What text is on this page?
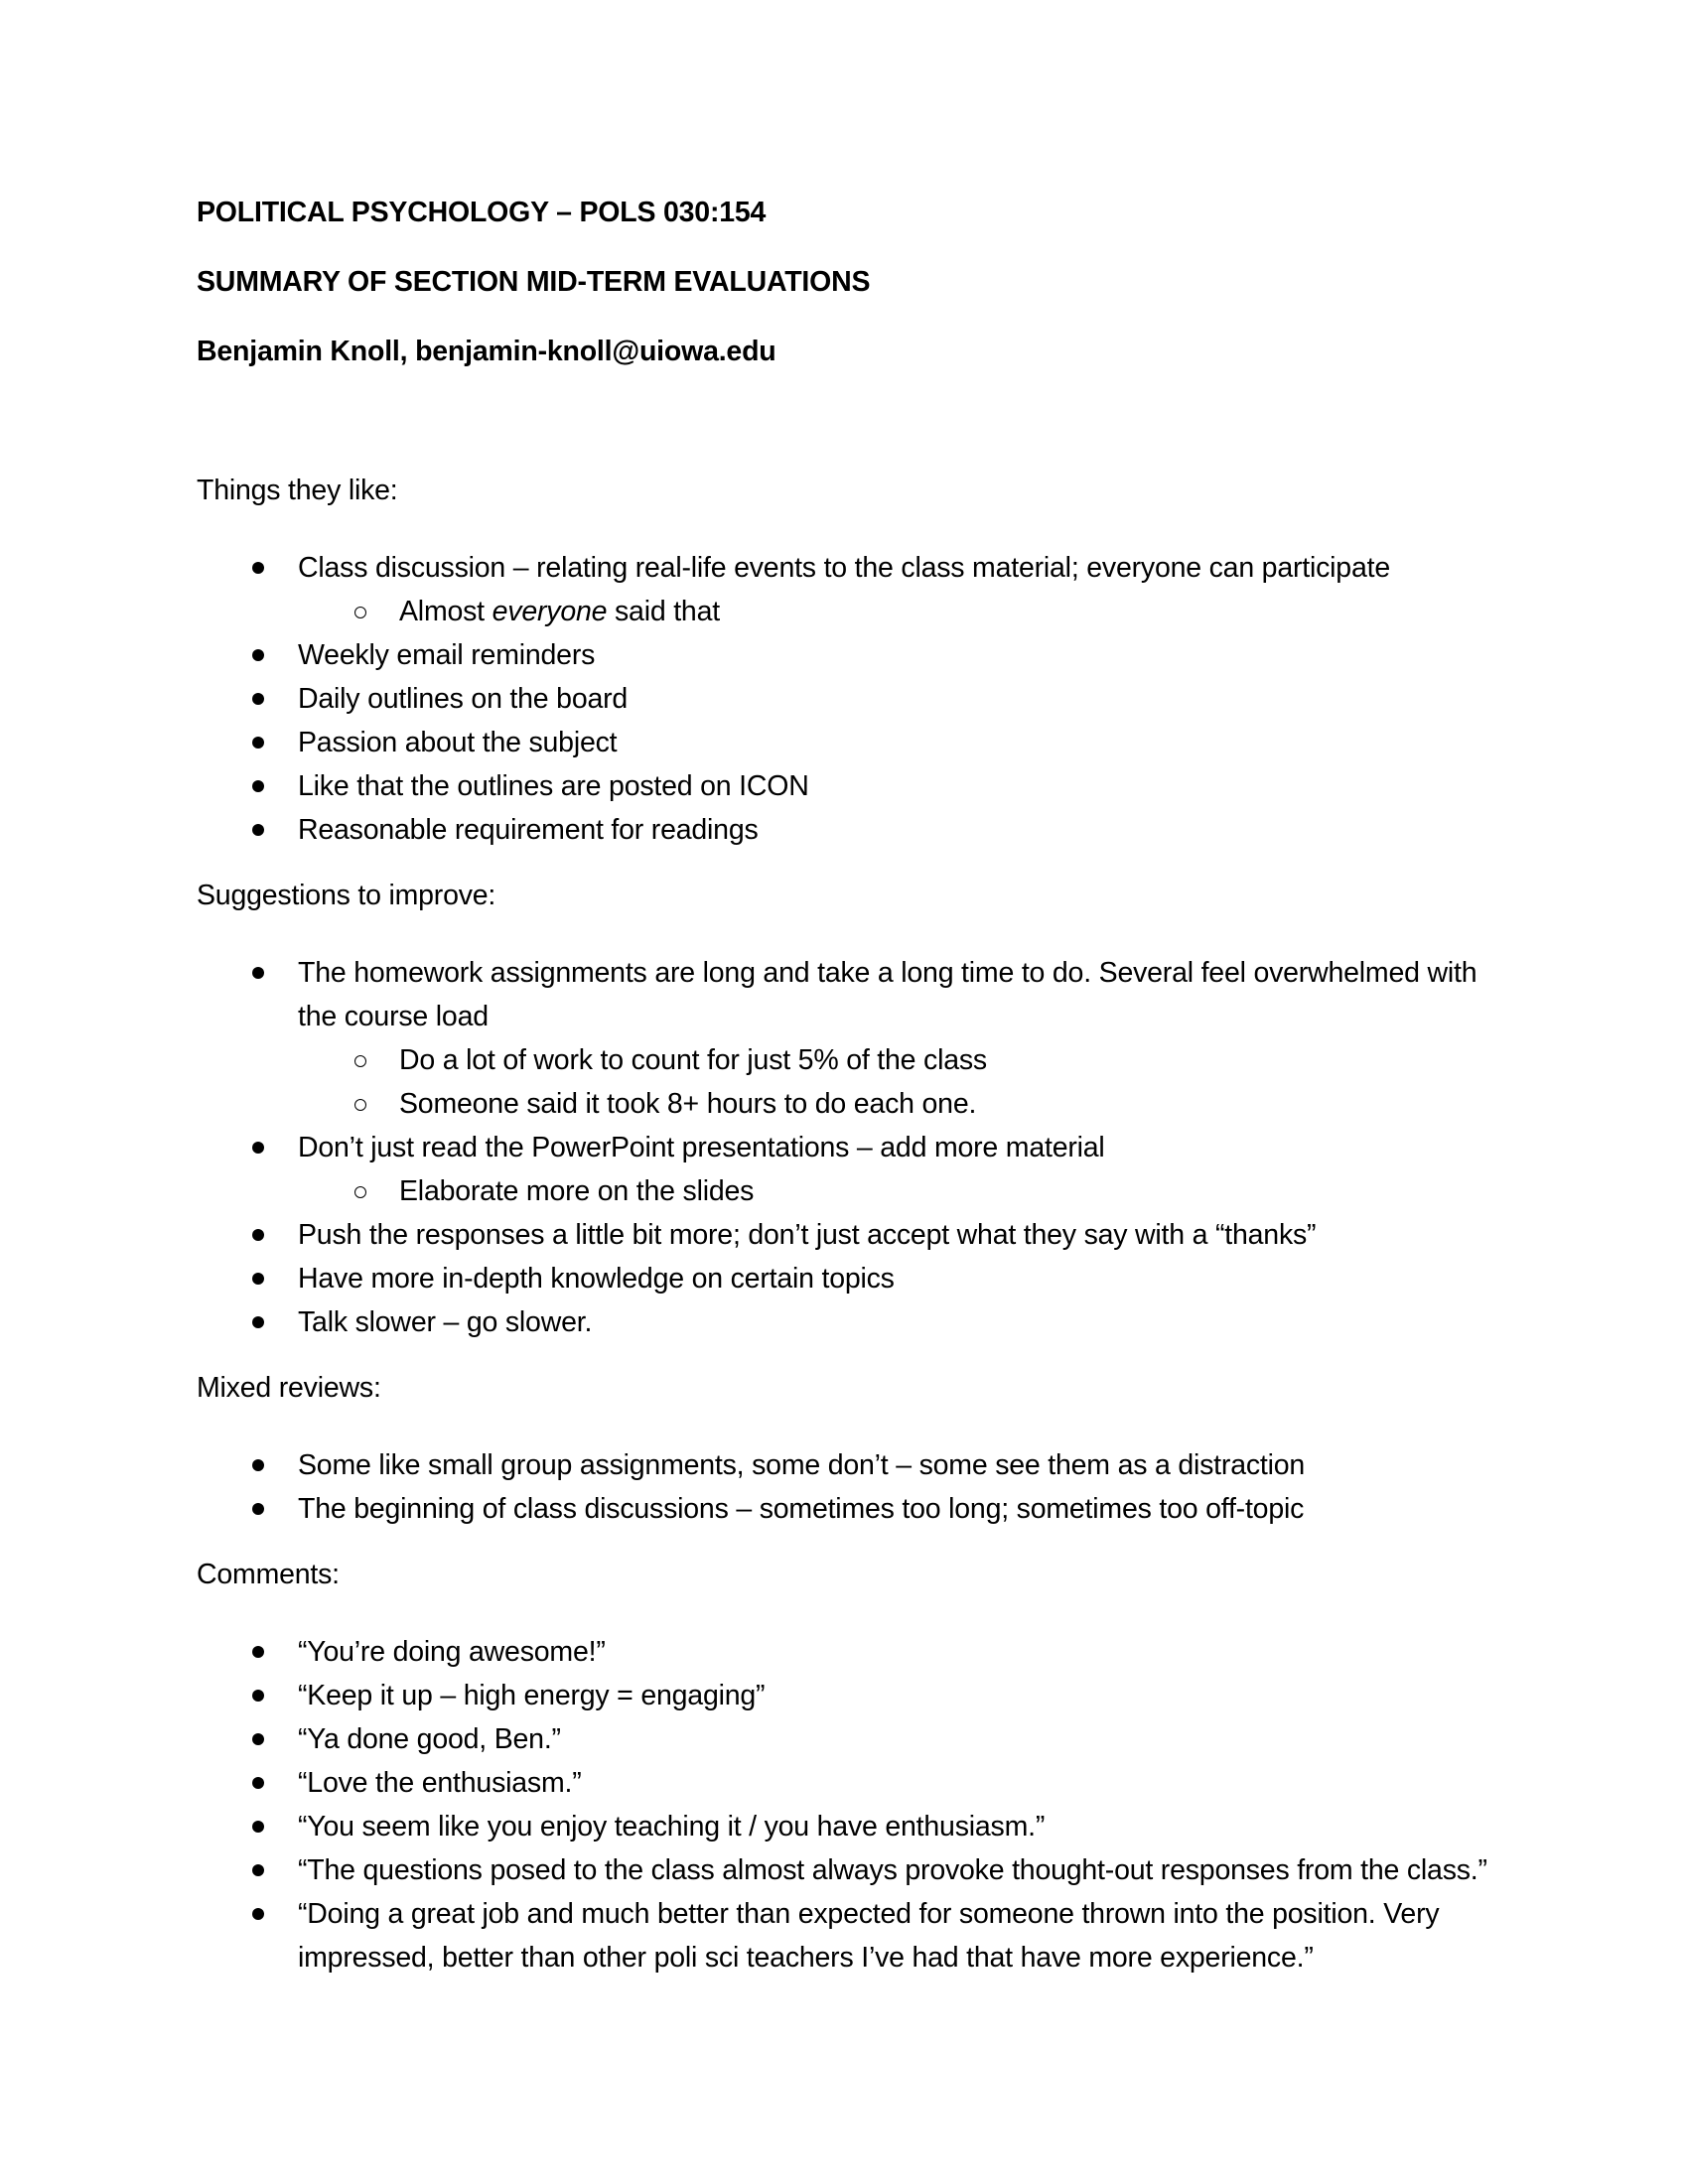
POLITICAL PSYCHOLOGY – POLS 030:154

SUMMARY OF SECTION MID-TERM EVALUATIONS

Benjamin Knoll, benjamin-knoll@uiowa.edu

Things they like:

Class discussion – relating real-life events to the class material; everyone can participate
Almost everyone said that
Weekly email reminders
Daily outlines on the board
Passion about the subject
Like that the outlines are posted on ICON
Reasonable requirement for readings

Suggestions to improve:

The homework assignments are long and take a long time to do. Several feel overwhelmed with
the course load
Do a lot of work to count for just 5% of the class
Someone said it took 8+ hours to do each one.
Don’t just read the PowerPoint presentations – add more material
Elaborate more on the slides
Push the responses a little bit more; don’t just accept what they say with a “thanks”
Have more in-depth knowledge on certain topics
Talk slower – go slower.

Mixed reviews:

Some like small group assignments, some don’t – some see them as a distraction
The beginning of class discussions – sometimes too long; sometimes too off-topic

Comments:

“You’re doing awesome!”
“Keep it up – high energy = engaging”
“Ya done good, Ben.”
“Love the enthusiasm.”
“You seem like you enjoy teaching it / you have enthusiasm.”
“The questions posed to the class almost always provoke thought-out responses from the class.”
“Doing a great job and much better than expected for someone thrown into the position. Very
impressed, better than other poli sci teachers I’ve had that have more experience.”
